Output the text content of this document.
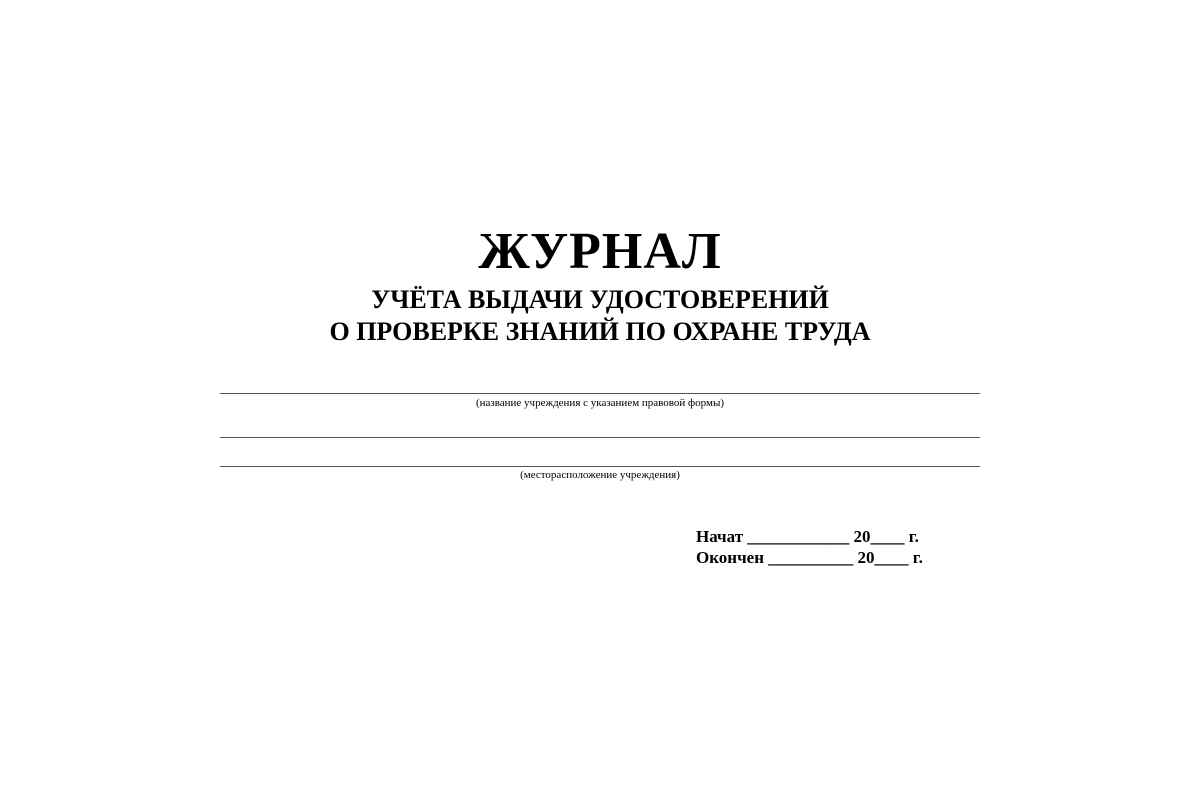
ЖУРНАЛ
УЧЁТА ВЫДАЧИ УДОСТОВЕРЕНИЙ
О ПРОВЕРКЕ ЗНАНИЙ ПО ОХРАНЕ ТРУДА
(название учреждения с указанием правовой формы)
(месторасположение учреждения)
Начат ____________ 20____ г.
Окончен __________ 20____ г.
